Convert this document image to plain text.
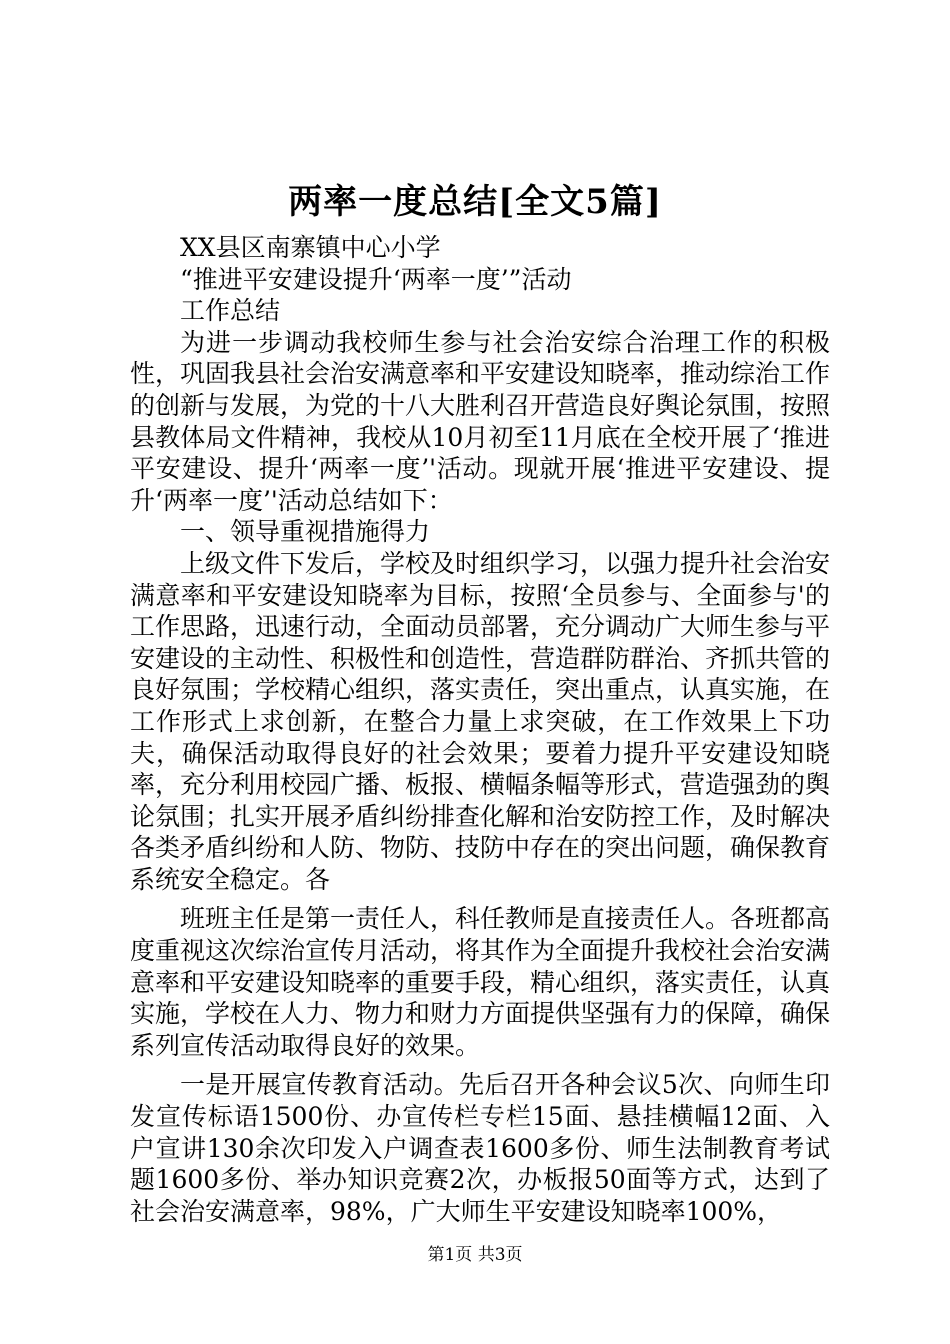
两率一度总结[全文5篇]

XX县区南寨镇中心小学

“推进平安建设提升‘两率一度’”活动

工作总结

为进一步调动我校师生参与社会治安综合治理工作的积极性，巩固我县社会治安满意率和平安建设知晓率，推动综治工作的创新与发展，为党的十八大胜利召开营造良好舆论氛围，按照县教体局文件精神，我校从10月初至11月底在全校开展了‘推进平安建设、提升‘两率一度’'活动。现就开展‘推进平安建设、提升‘两率一度’'活动总结如下：

一、领导重视措施得力

上级文件下发后，学校及时组织学习，以强力提升社会治安满意率和平安建设知晓率为目标，按照‘全员参与、全面参与'的工作思路，迅速行动，全面动员部署，充分调动广大师生参与平安建设的主动性、积极性和创造性，营造群防群治、齐抓共管的良好氛围；学校精心组织，落实责任，突出重点，认真实施，在工作形式上求创新，在整合力量上求突破，在工作效果上下功夫，确保活动取得良好的社会效果；要着力提升平安建设知晓率，充分利用校园广播、板报、横幅条幅等形式，营造强劲的舆论氛围；扎实开展矛盾纠纷排查化解和治安防控工作，及时解决各类矛盾纠纷和人防、物防、技防中存在的突出问题，确保教育系统安全稳定。各

班班主任是第一责任人，科任教师是直接责任人。各班都高度重视这次综治宣传月活动，将其作为全面提升我校社会治安满意率和平安建设知晓率的重要手段，精心组织，落实责任，认真实施，学校在人力、物力和财力方面提供坚强有力的保障，确保系列宣传活动取得良好的效果。

一是开展宣传教育活动。先后召开各种会议5次、向师生印发宣传标语1500份、办宣传栏专栏15面、悬挂横幅12面、入户宣讲130余次印发入户调查表1600多份、师生法制教育考试题1600多份、举办知识竞赛2次，办板报50面等方式，达到了社会治安满意率，98%，广大师生平安建设知晓率100%，

第1页 共3页
